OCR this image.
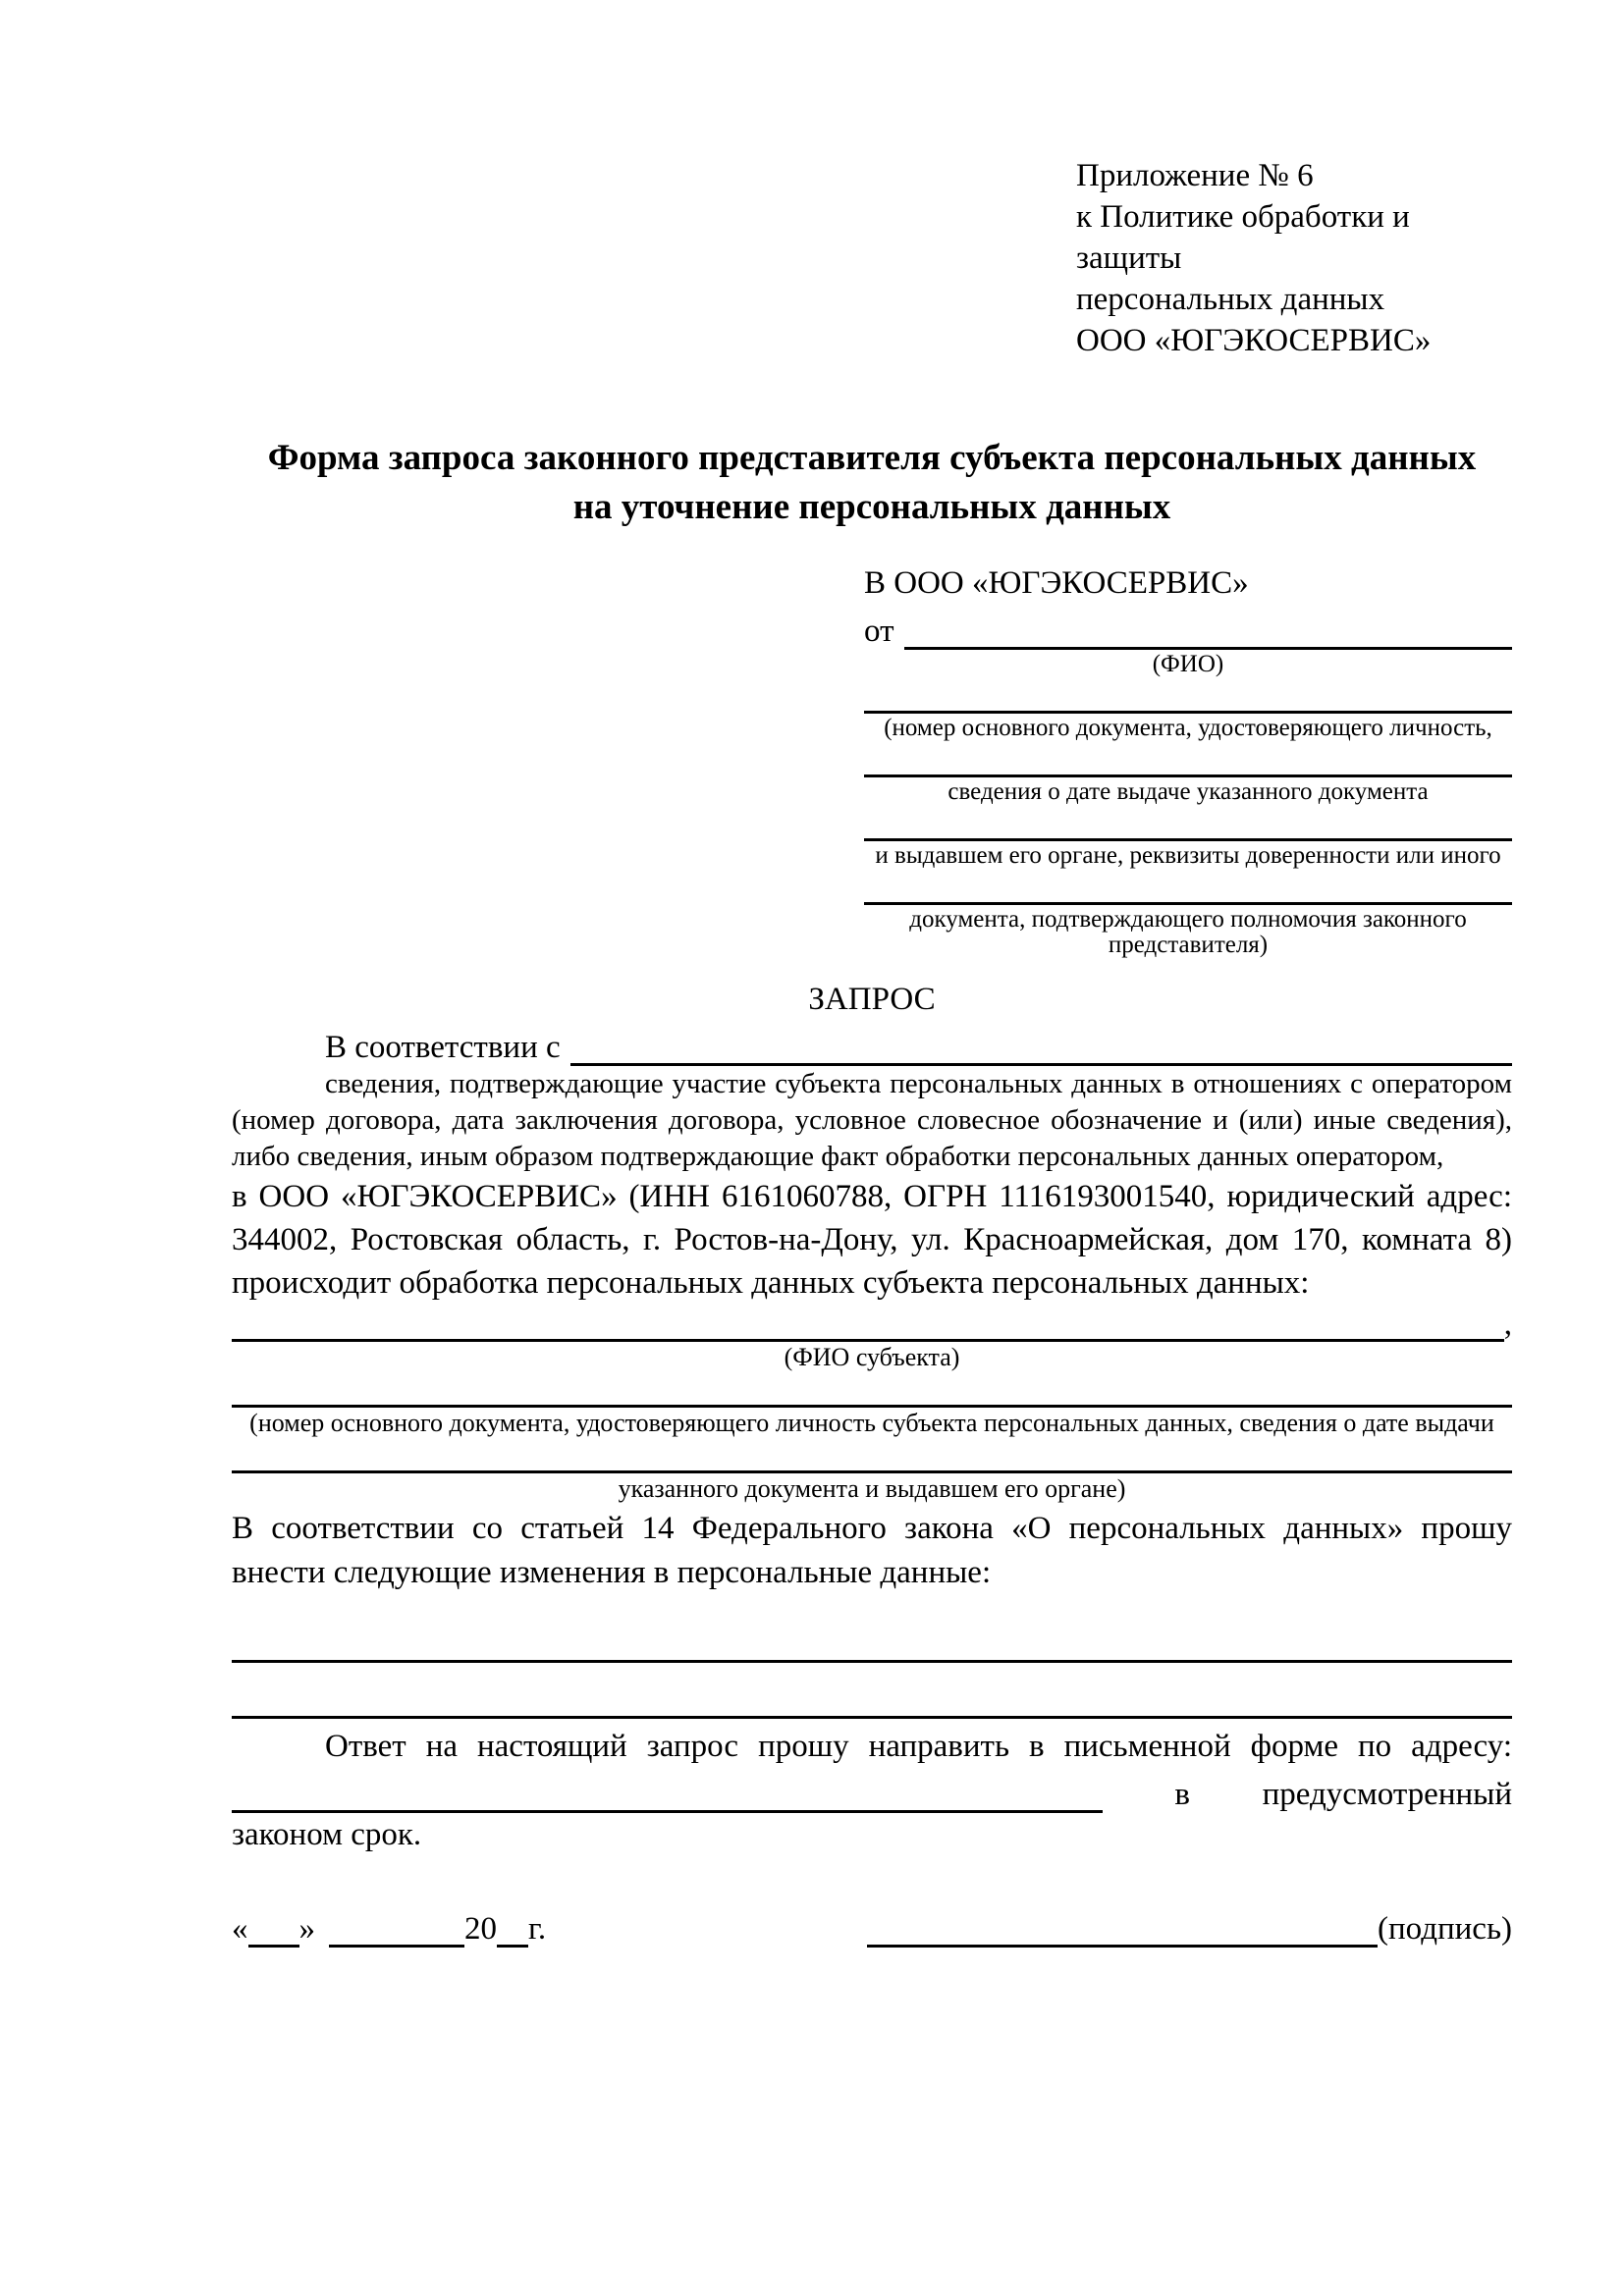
Приложение № 6
к Политике обработки и защиты
персональных данных
ООО «ЮГЭКОСЕРВИС»
Форма запроса законного представителя субъекта персональных данных
на уточнение персональных данных
В ООО «ЮГЭКОСЕРВИС»
от
(ФИО)
(номер основного документа, удостоверяющего личность,
сведения о дате выдаче указанного документа
и выдавшем его органе, реквизиты доверенности или иного
документа, подтверждающего полномочия законного представителя)
ЗАПРОС
В соответствии с
сведения, подтверждающие участие субъекта персональных данных в отношениях с оператором (номер договора, дата заключения договора, условное словесное обозначение и (или) иные сведения), либо сведения, иным образом подтверждающие факт обработки персональных данных оператором,
в ООО «ЮГЭКОСЕРВИС» (ИНН 6161060788, ОГРН 1116193001540, юридический адрес: 344002, Ростовская область, г. Ростов-на-Дону, ул. Красноармейская, дом 170, комната 8) происходит обработка персональных данных субъекта персональных данных:
,
(ФИО субъекта)
(номер основного документа, удостоверяющего личность субъекта персональных данных, сведения о дате выдачи
указанного документа и выдавшем его органе)
В соответствии со статьей 14 Федерального закона «О персональных данных» прошу
внести следующие изменения в персональные данные:
Ответ на настоящий запрос прошу направить в письменной форме по адресу:
в предусмотренный
законом срок.
« »	20 г.	(подпись)
